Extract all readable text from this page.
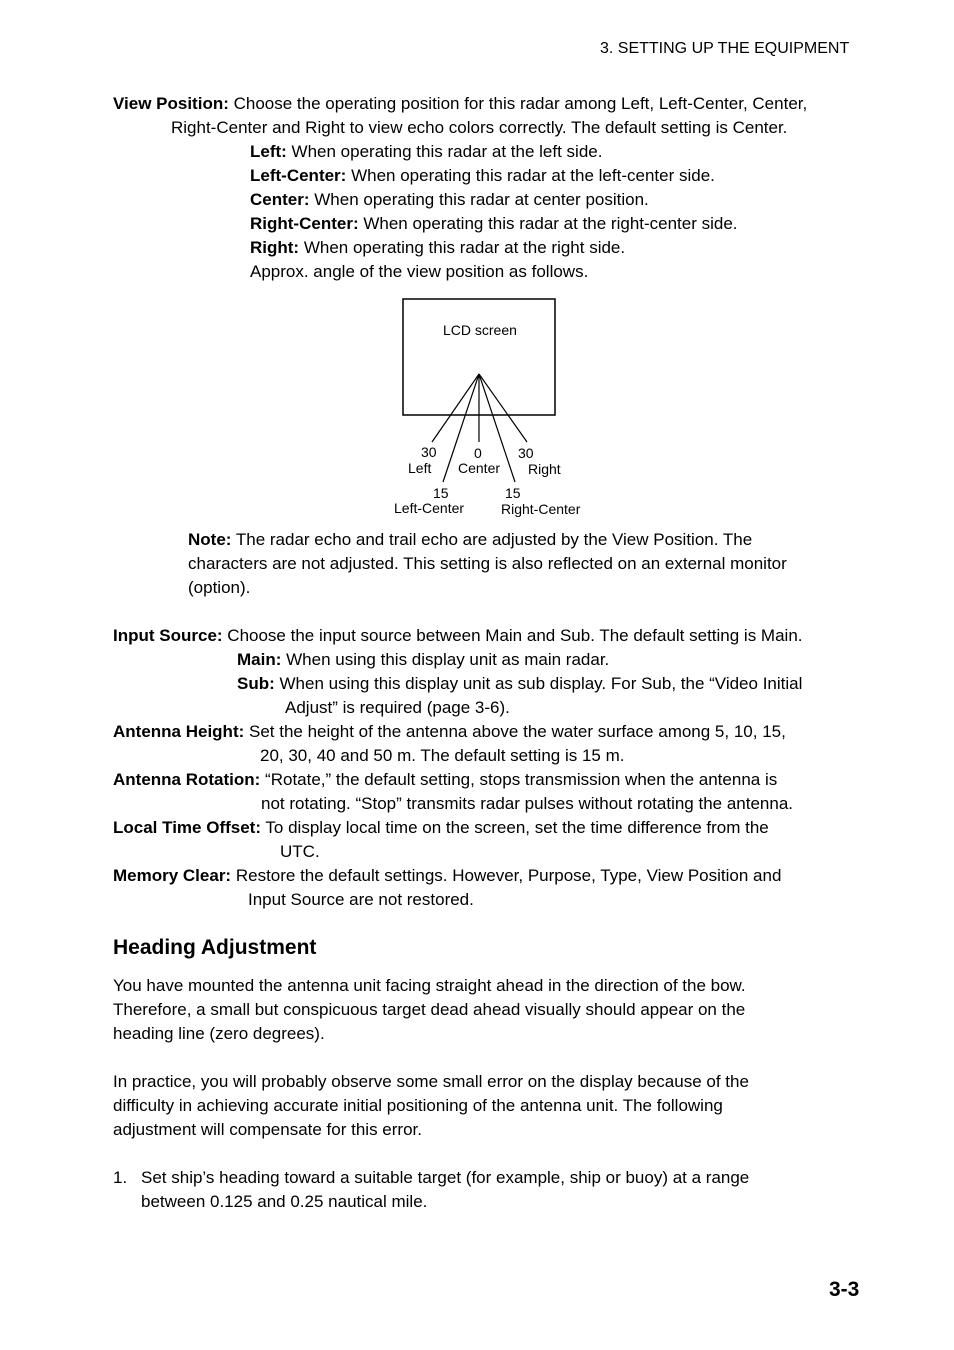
3. SETTING UP THE EQUIPMENT
View Position: Choose the operating position for this radar among Left, Left-Center, Center,
Right-Center and Right to view echo colors correctly. The default setting is Center.
Left: When operating this radar at the left side.
Left-Center: When operating this radar at the left-center side.
Center: When operating this radar at center position.
Right-Center: When operating this radar at the right-center side.
Right: When operating this radar at the right side.
Approx. angle of the view position as follows.
LCD screen
30
Left
0
Center
30
Right
15
Left-Center
15
Right-Center
Note: The radar echo and trail echo are adjusted by the View Position. The
characters are not adjusted. This setting is also reflected on an external monitor
(option).
Input Source: Choose the input source between Main and Sub. The default setting is Main.
Main: When using this display unit as main radar.
Sub: When using this display unit as sub display. For Sub, the “Video Initial
Adjust” is required (page 3-6).
Antenna Height: Set the height of the antenna above the water surface among 5, 10, 15,
20, 30, 40 and 50 m. The default setting is 15 m.
Antenna Rotation: “Rotate,” the default setting, stops transmission when the antenna is
not rotating. “Stop” transmits radar pulses without rotating the antenna.
Local Time Offset: To display local time on the screen, set the time difference from the
UTC.
Memory Clear: Restore the default settings. However, Purpose, Type, View Position and
Input Source are not restored.
Heading Adjustment
You have mounted the antenna unit facing straight ahead in the direction of the bow.
Therefore, a small but conspicuous target dead ahead visually should appear on the
heading line (zero degrees).
In practice, you will probably observe some small error on the display because of the
difficulty in achieving accurate initial positioning of the antenna unit. The following
adjustment will compensate for this error.
1. Set ship’s heading toward a suitable target (for example, ship or buoy) at a range
between 0.125 and 0.25 nautical mile.
3-3
